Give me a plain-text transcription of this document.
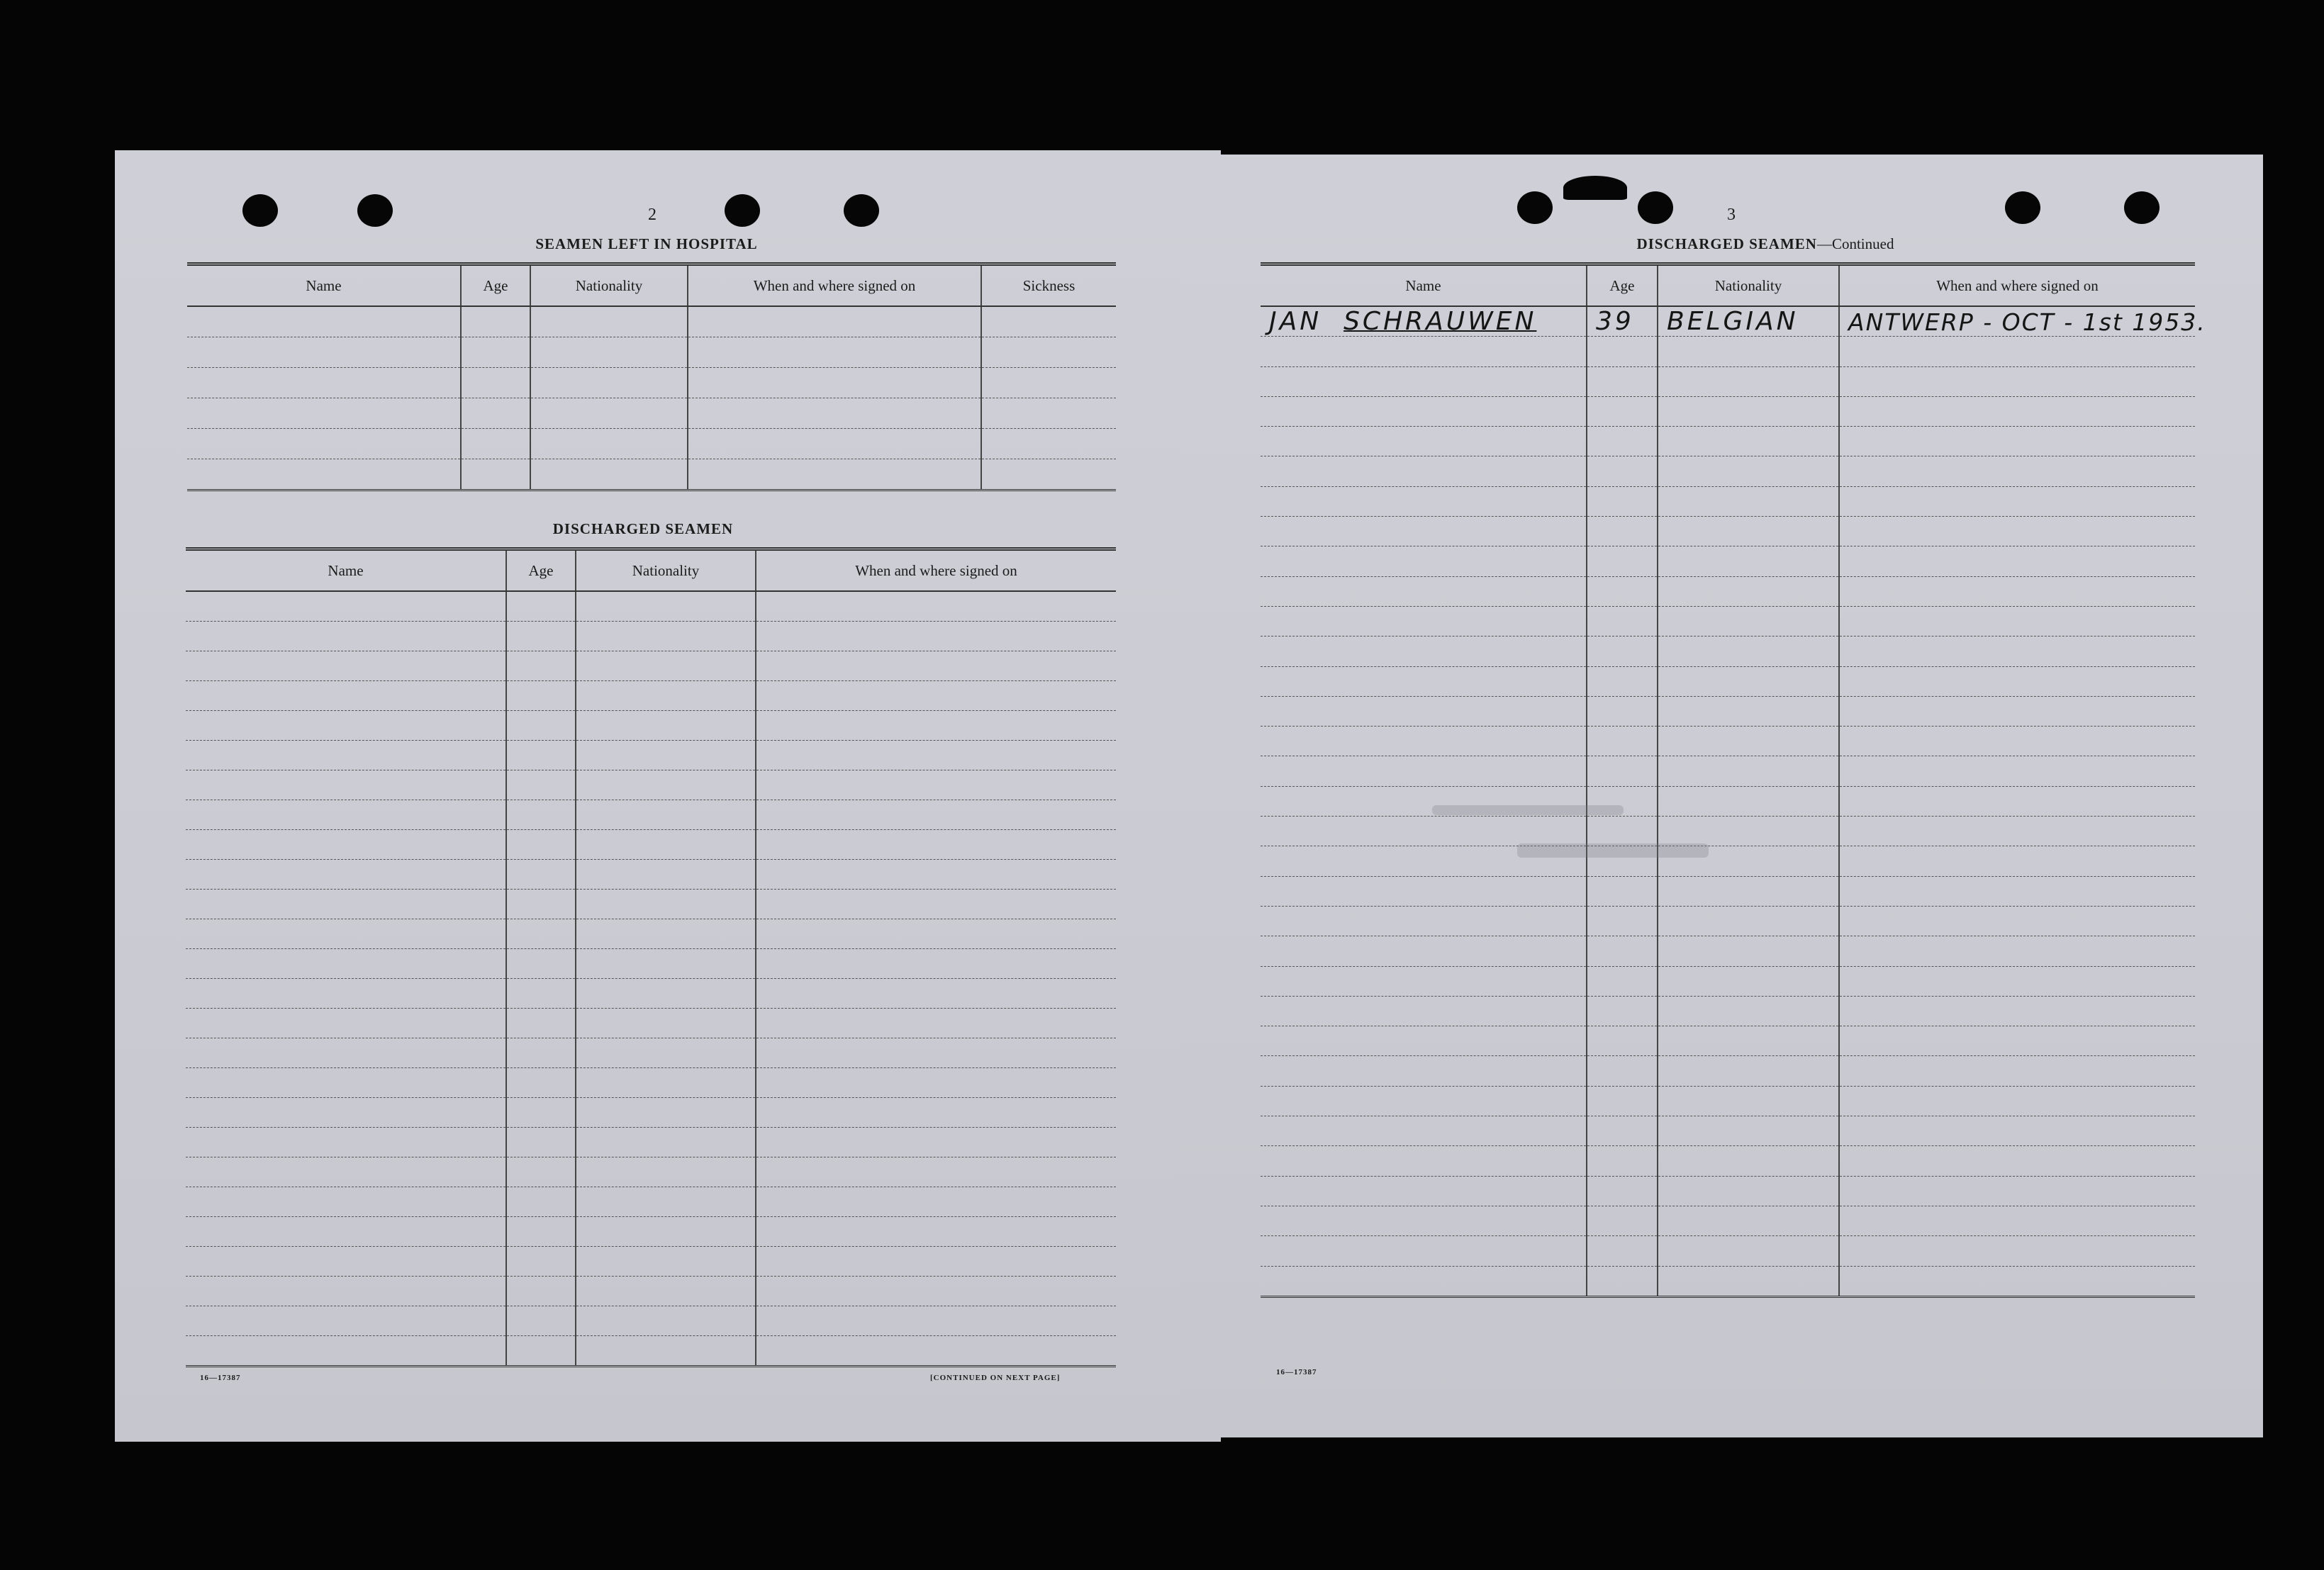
2
SEAMEN LEFT IN HOSPITAL
Name	Age	Nationality	When and where signed on	Sickness

DISCHARGED SEAMEN
Name	Age	Nationality	When and where signed on

16—17387	[CONTINUED ON NEXT PAGE]
3
DISCHARGED SEAMEN—Continued
Name	Age	Nationality	When and where signed on
JAN SCHRAUWEN	39	BELGIAN	ANTWERP - OCT - 1st 1953.

16—17387
